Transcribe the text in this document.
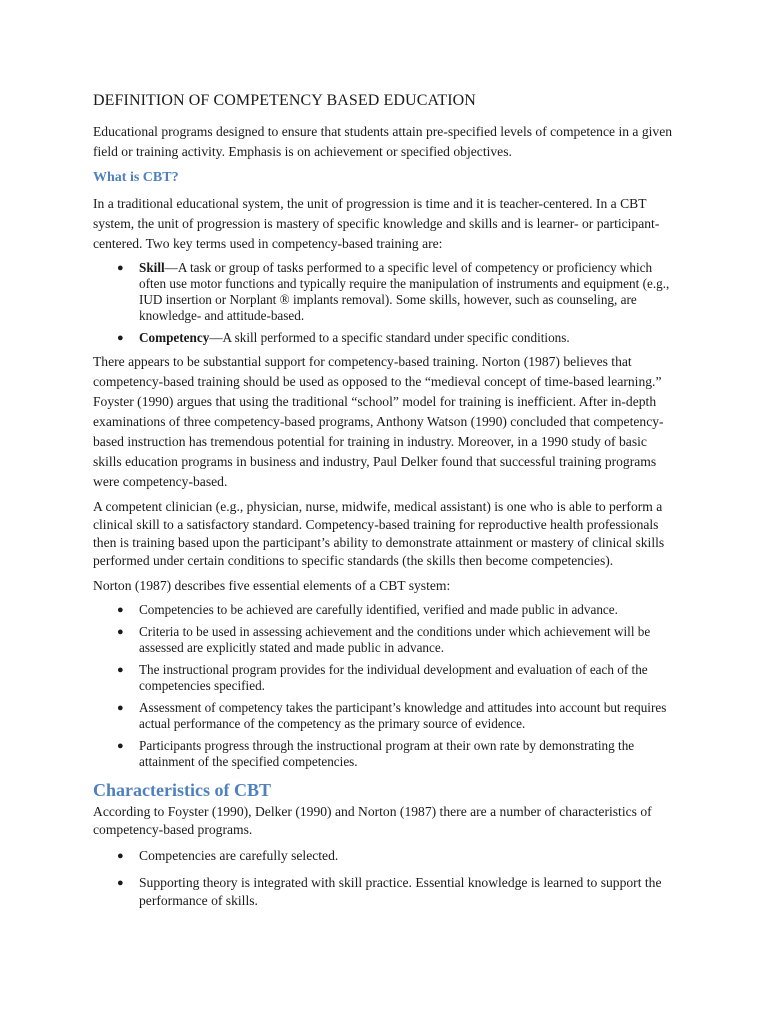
DEFINITION OF COMPETENCY BASED EDUCATION

Educational programs designed to ensure that students attain pre-specified levels of competence in a given field or training activity. Emphasis is on achievement or specified objectives.

What is CBT?

In a traditional educational system, the unit of progression is time and it is teacher-centered. In a CBT system, the unit of progression is mastery of specific knowledge and skills and is learner- or participant-centered. Two key terms used in competency-based training are:

● Skill—A task or group of tasks performed to a specific level of competency or proficiency which often use motor functions and typically require the manipulation of instruments and equipment (e.g., IUD insertion or Norplant ® implants removal). Some skills, however, such as counseling, are knowledge- and attitude-based.
● Competency—A skill performed to a specific standard under specific conditions.

There appears to be substantial support for competency-based training. Norton (1987) believes that competency-based training should be used as opposed to the “medieval concept of time-based learning.” Foyster (1990) argues that using the traditional “school” model for training is inefficient. After in-depth examinations of three competency-based programs, Anthony Watson (1990) concluded that competency-based instruction has tremendous potential for training in industry. Moreover, in a 1990 study of basic skills education programs in business and industry, Paul Delker found that successful training programs were competency-based.

A competent clinician (e.g., physician, nurse, midwife, medical assistant) is one who is able to perform a clinical skill to a satisfactory standard. Competency-based training for reproductive health professionals then is training based upon the participant’s ability to demonstrate attainment or mastery of clinical skills performed under certain conditions to specific standards (the skills then become competencies).

Norton (1987) describes five essential elements of a CBT system:

● Competencies to be achieved are carefully identified, verified and made public in advance.
● Criteria to be used in assessing achievement and the conditions under which achievement will be assessed are explicitly stated and made public in advance.
● The instructional program provides for the individual development and evaluation of each of the competencies specified.
● Assessment of competency takes the participant’s knowledge and attitudes into account but requires actual performance of the competency as the primary source of evidence.
● Participants progress through the instructional program at their own rate by demonstrating the attainment of the specified competencies.
Characteristics of CBT

According to Foyster (1990), Delker (1990) and Norton (1987) there are a number of characteristics of competency-based programs.

● Competencies are carefully selected.
● Supporting theory is integrated with skill practice. Essential knowledge is learned to support the performance of skills.
